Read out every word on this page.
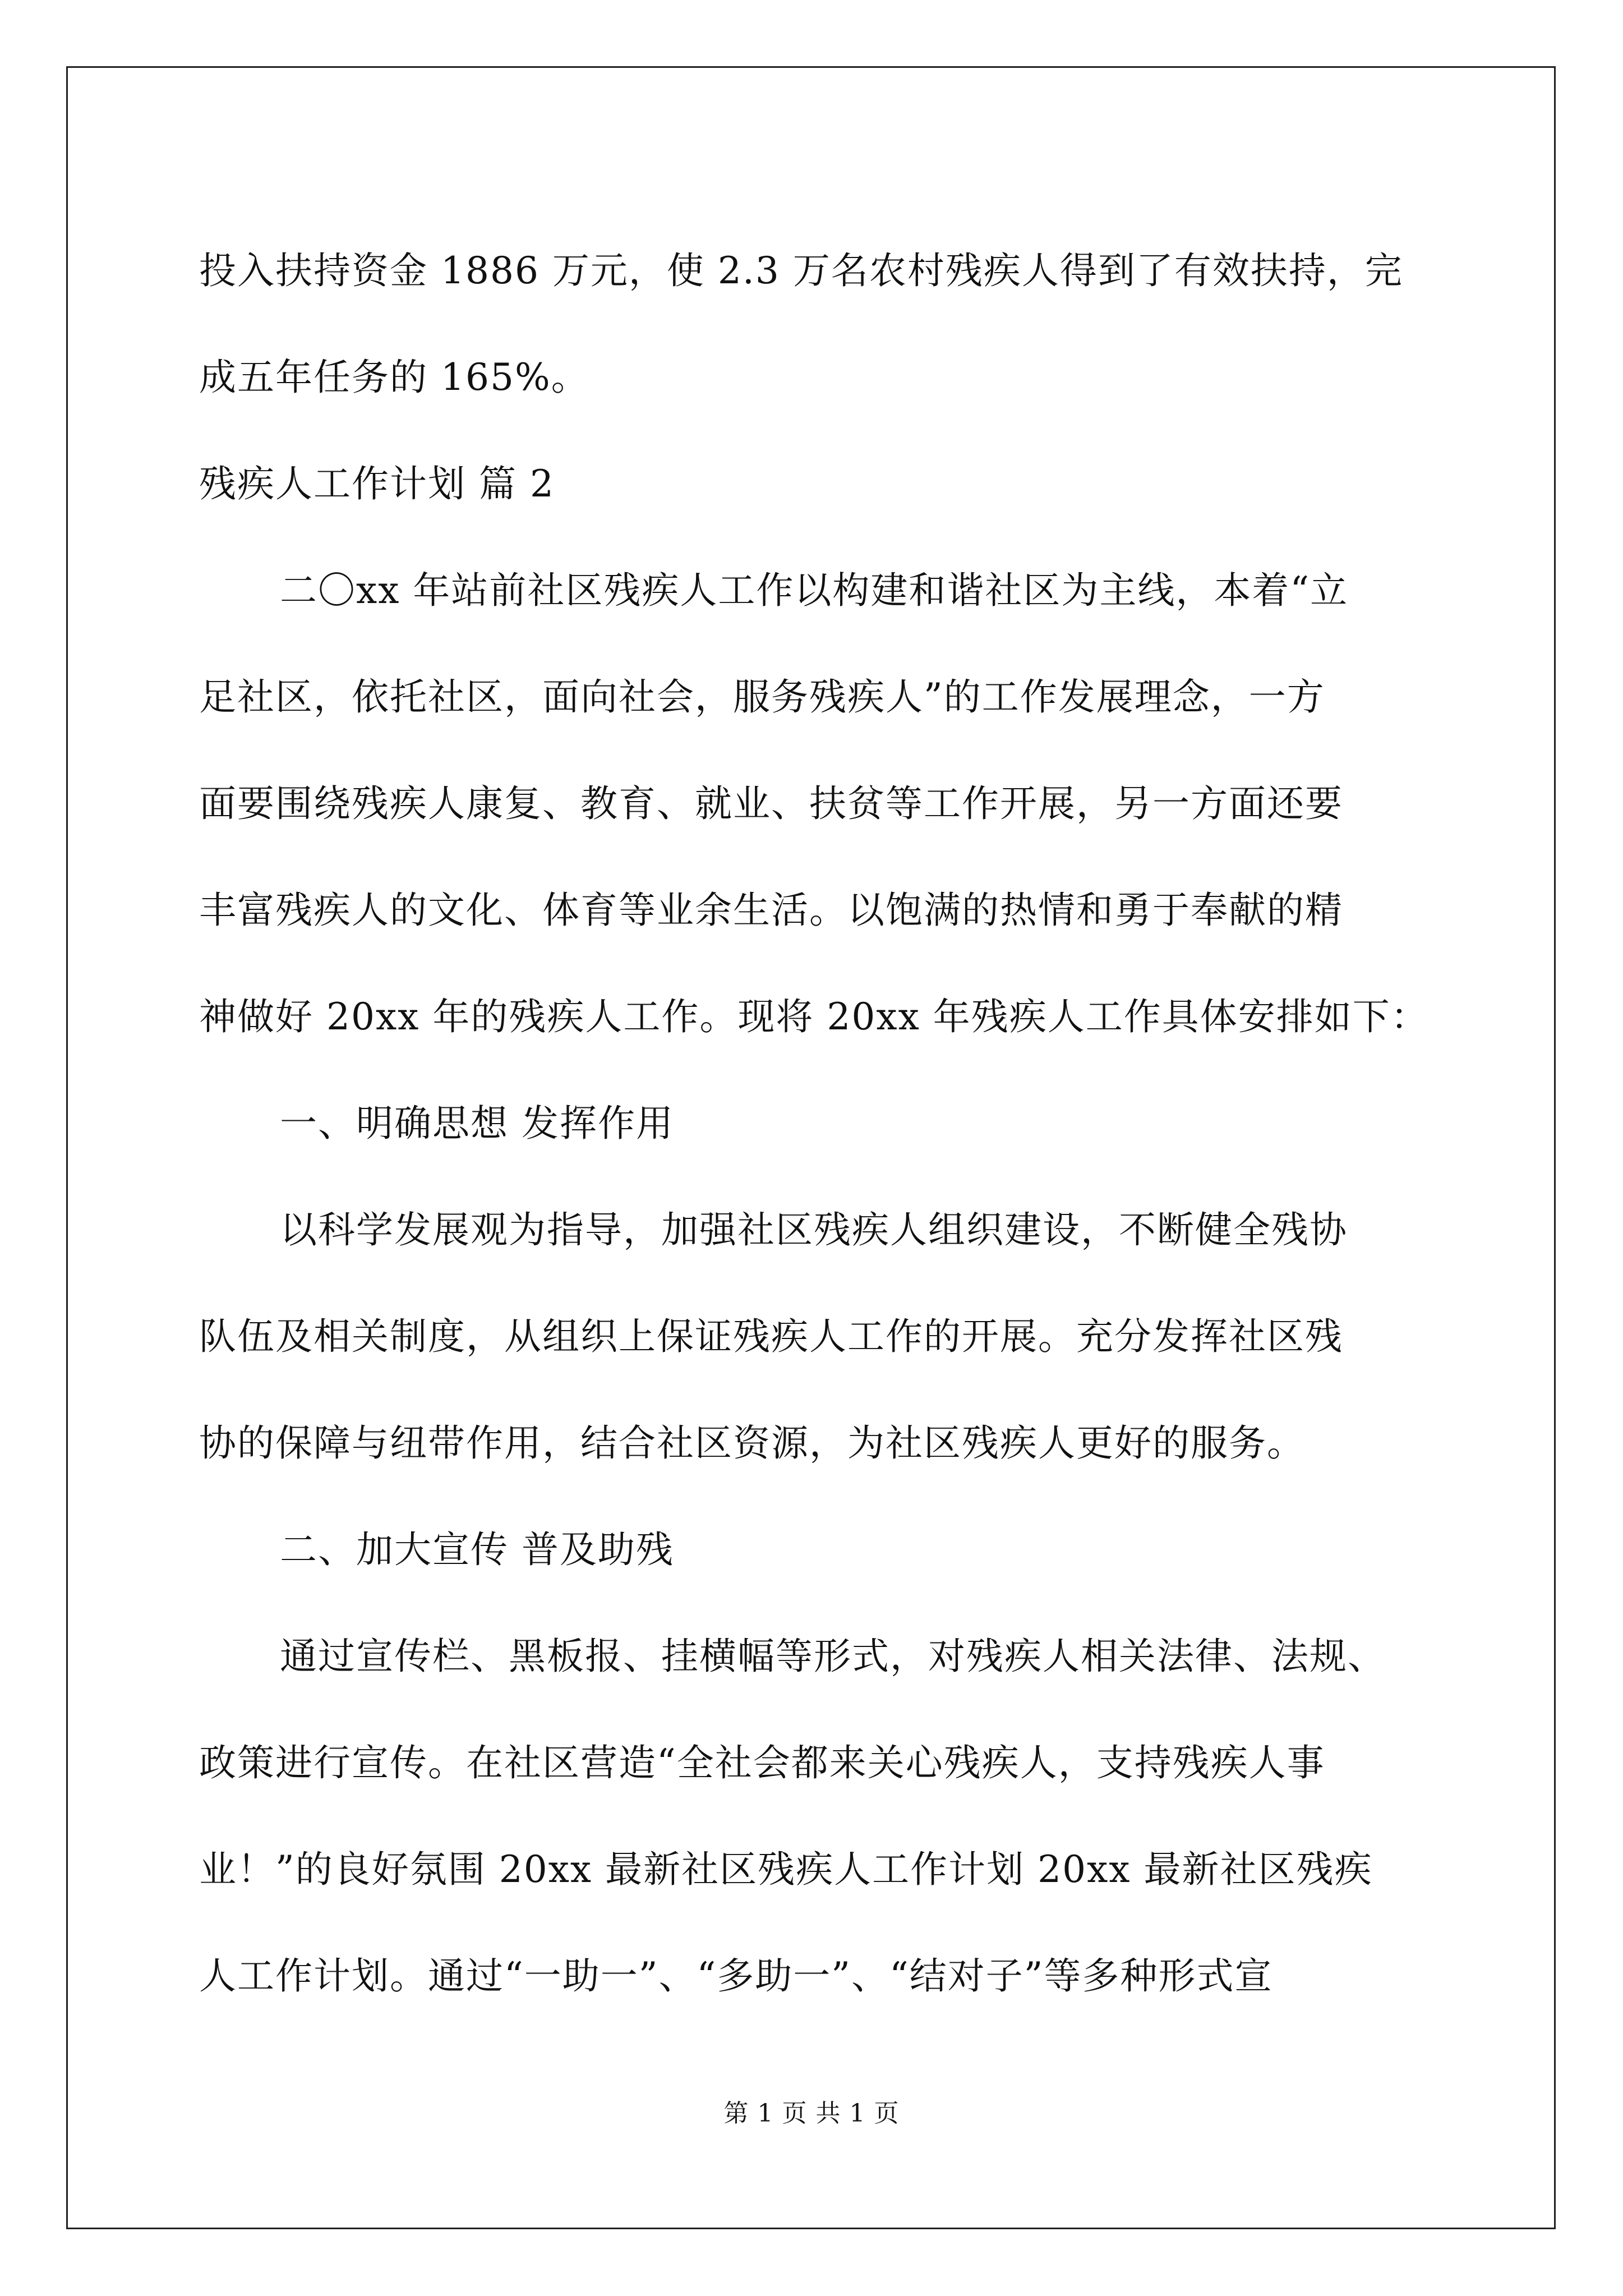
投入扶持资金 1886 万元，使 2.3 万名农村残疾人得到了有效扶持，完
成五年任务的 165%。
残疾人工作计划 篇 2
二〇xx 年站前社区残疾人工作以构建和谐社区为主线，本着“立
足社区，依托社区，面向社会，服务残疾人”的工作发展理念，一方
面要围绕残疾人康复、教育、就业、扶贫等工作开展，另一方面还要
丰富残疾人的文化、体育等业余生活。以饱满的热情和勇于奉献的精
神做好 20xx 年的残疾人工作。现将 20xx 年残疾人工作具体安排如下：
一、明确思想 发挥作用
以科学发展观为指导，加强社区残疾人组织建设，不断健全残协
队伍及相关制度，从组织上保证残疾人工作的开展。充分发挥社区残
协的保障与纽带作用，结合社区资源，为社区残疾人更好的服务。
二、加大宣传 普及助残
通过宣传栏、黑板报、挂横幅等形式，对残疾人相关法律、法规、
政策进行宣传。在社区营造“全社会都来关心残疾人，支持残疾人事
业！”的良好氛围 20xx 最新社区残疾人工作计划 20xx 最新社区残疾
人工作计划。通过“一助一”、“多助一”、“结对子”等多种形式宣
第 1 页 共 1 页
